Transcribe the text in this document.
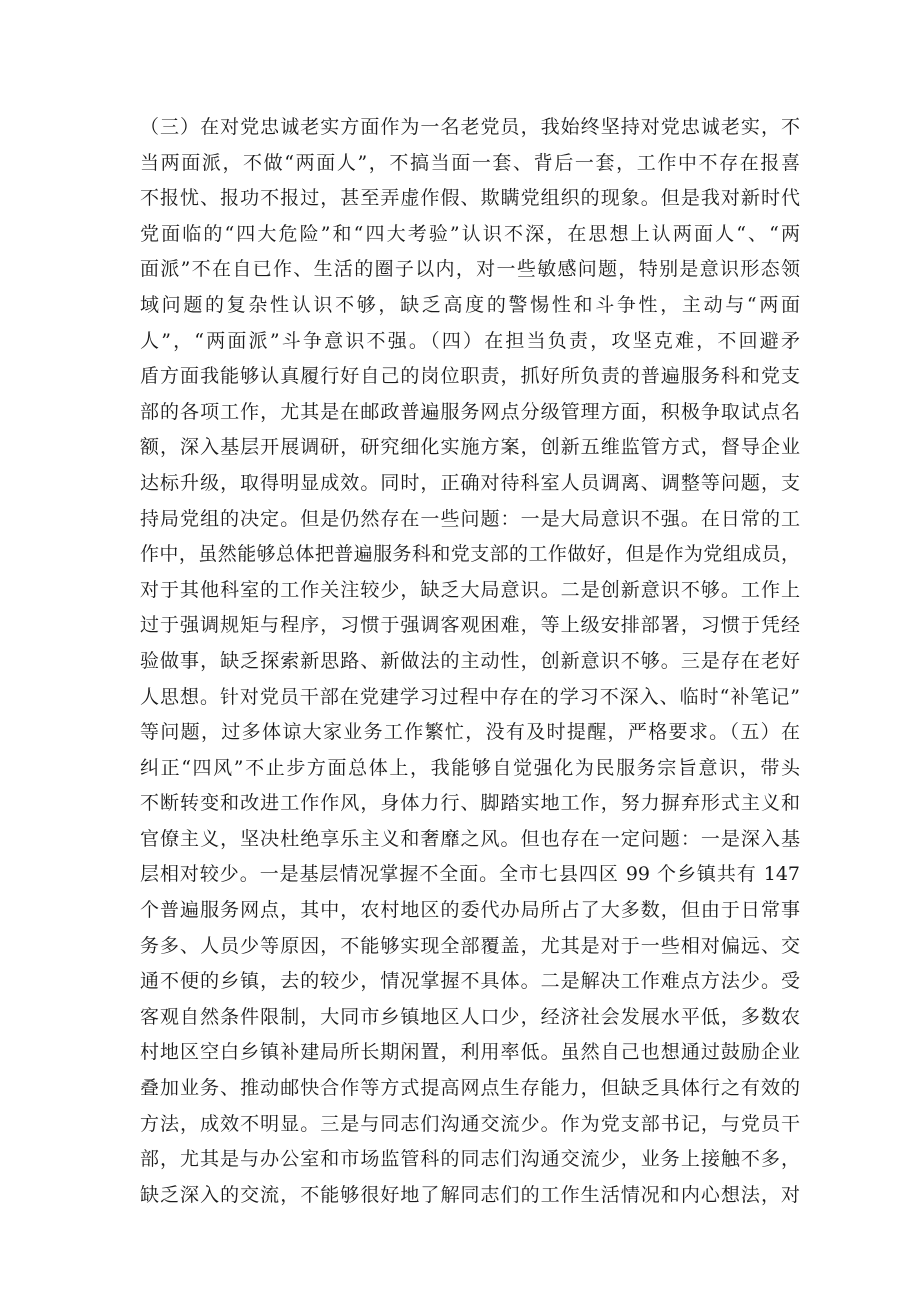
（三）在对党忠诚老实方面作为一名老党员，我始终坚持对党忠诚老实，不
当两面派，不做“两面人”，不搞当面一套、背后一套，工作中不存在报喜
不报忧、报功不报过，甚至弄虚作假、欺瞒党组织的现象。但是我对新时代
党面临的“四大危险”和“四大考验”认识不深，在思想上认两面人“、“两
面派”不在自已作、生活的圈子以内，对一些敏感问题，特别是意识形态领
域问题的复杂性认识不够，缺乏高度的警惕性和斗争性，主动与“两面
人”，“两面派”斗争意识不强。（四）在担当负责，攻坚克难，不回避矛
盾方面我能够认真履行好自己的岗位职责，抓好所负责的普遍服务科和党支
部的各项工作，尤其是在邮政普遍服务网点分级管理方面，积极争取试点名
额，深入基层开展调研，研究细化实施方案，创新五维监管方式，督导企业
达标升级，取得明显成效。同时，正确对待科室人员调离、调整等问题，支
持局党组的决定。但是仍然存在一些问题：一是大局意识不强。在日常的工
作中，虽然能够总体把普遍服务科和党支部的工作做好，但是作为党组成员，
对于其他科室的工作关注较少，缺乏大局意识。二是创新意识不够。工作上
过于强调规矩与程序，习惯于强调客观困难，等上级安排部署，习惯于凭经
验做事，缺乏探索新思路、新做法的主动性，创新意识不够。三是存在老好
人思想。针对党员干部在党建学习过程中存在的学习不深入、临时“补笔记”
等问题，过多体谅大家业务工作繁忙，没有及时提醒，严格要求。（五）在
纠正“四风”不止步方面总体上，我能够自觉强化为民服务宗旨意识，带头
不断转变和改进工作作风，身体力行、脚踏实地工作，努力摒弃形式主义和
官僚主义，坚决杜绝享乐主义和奢靡之风。但也存在一定问题：一是深入基
层相对较少。一是基层情况掌握不全面。全市七县四区 99 个乡镇共有 147
个普遍服务网点，其中，农村地区的委代办局所占了大多数，但由于日常事
务多、人员少等原因，不能够实现全部覆盖，尤其是对于一些相对偏远、交
通不便的乡镇，去的较少，情况掌握不具体。二是解决工作难点方法少。受
客观自然条件限制，大同市乡镇地区人口少，经济社会发展水平低，多数农
村地区空白乡镇补建局所长期闲置，利用率低。虽然自己也想通过鼓励企业
叠加业务、推动邮快合作等方式提高网点生存能力，但缺乏具体行之有效的
方法，成效不明显。三是与同志们沟通交流少。作为党支部书记，与党员干
部，尤其是与办公室和市场监管科的同志们沟通交流少，业务上接触不多，
缺乏深入的交流，不能够很好地了解同志们的工作生活情况和内心想法，对
